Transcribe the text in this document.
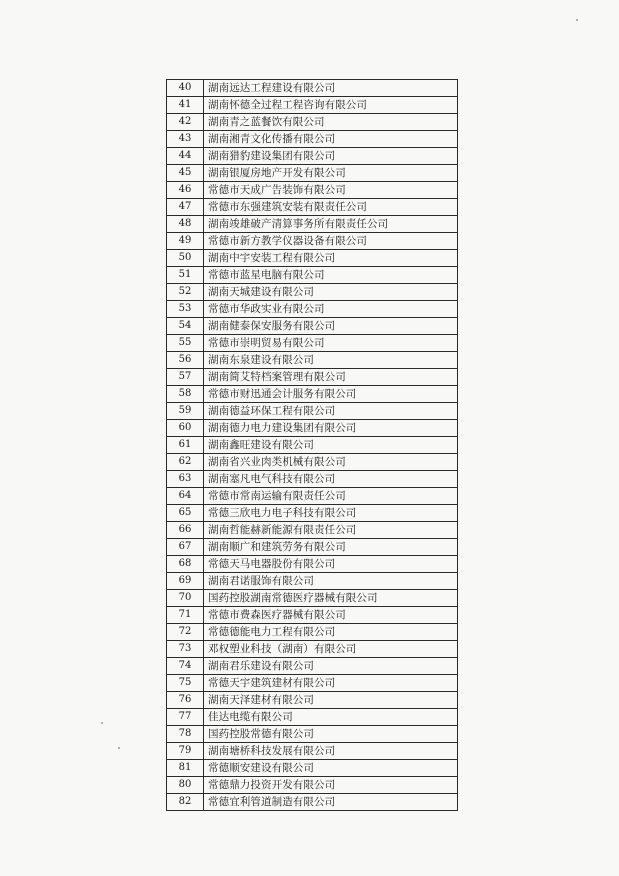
40	湖南远达工程建设有限公司
41	湖南怀德全过程工程咨询有限公司
42	湖南青之蓝餐饮有限公司
43	湖南湘青文化传播有限公司
44	湖南猎豹建设集团有限公司
45	湖南银厦房地产开发有限公司
46	常德市天成广告装饰有限公司
47	常德市东强建筑安装有限责任公司
48	湖南竣雄破产清算事务所有限责任公司
49	常德市新方教学仪器设备有限公司
50	湖南中宇安装工程有限公司
51	常德市蓝星电脑有限公司
52	湖南天城建设有限公司
53	常德市华政实业有限公司
54	湖南健泰保安服务有限公司
55	常德市崇明贸易有限公司
56	湖南东泉建设有限公司
57	湖南简艾特档案管理有限公司
58	常德市财迅通会计服务有限公司
59	湖南德益环保工程有限公司
60	湖南德力电力建设集团有限公司
61	湖南鑫旺建设有限公司
62	湖南省兴业肉类机械有限公司
63	湖南塞凡电气科技有限公司
64	常德市常南运输有限责任公司
65	常德三欣电力电子科技有限公司
66	湖南哲能赫新能源有限责任公司
67	湖南顺广和建筑劳务有限公司
68	常德天马电器股份有限公司
69	湖南君诺服饰有限公司
70	国药控股湖南常德医疗器械有限公司
71	常德市费森医疗器械有限公司
72	常德德能电力工程有限公司
73	邓权塑业科技（湖南）有限公司
74	湖南君乐建设有限公司
75	常德天宇建筑建材有限公司
76	湖南天泽建材有限公司
77	佳达电缆有限公司
78	国药控股常德有限公司
79	湖南塘桥科技发展有限公司
81	常德顺安建设有限公司
80	常德鼎力投资开发有限公司
82	常德宜利管道制造有限公司
